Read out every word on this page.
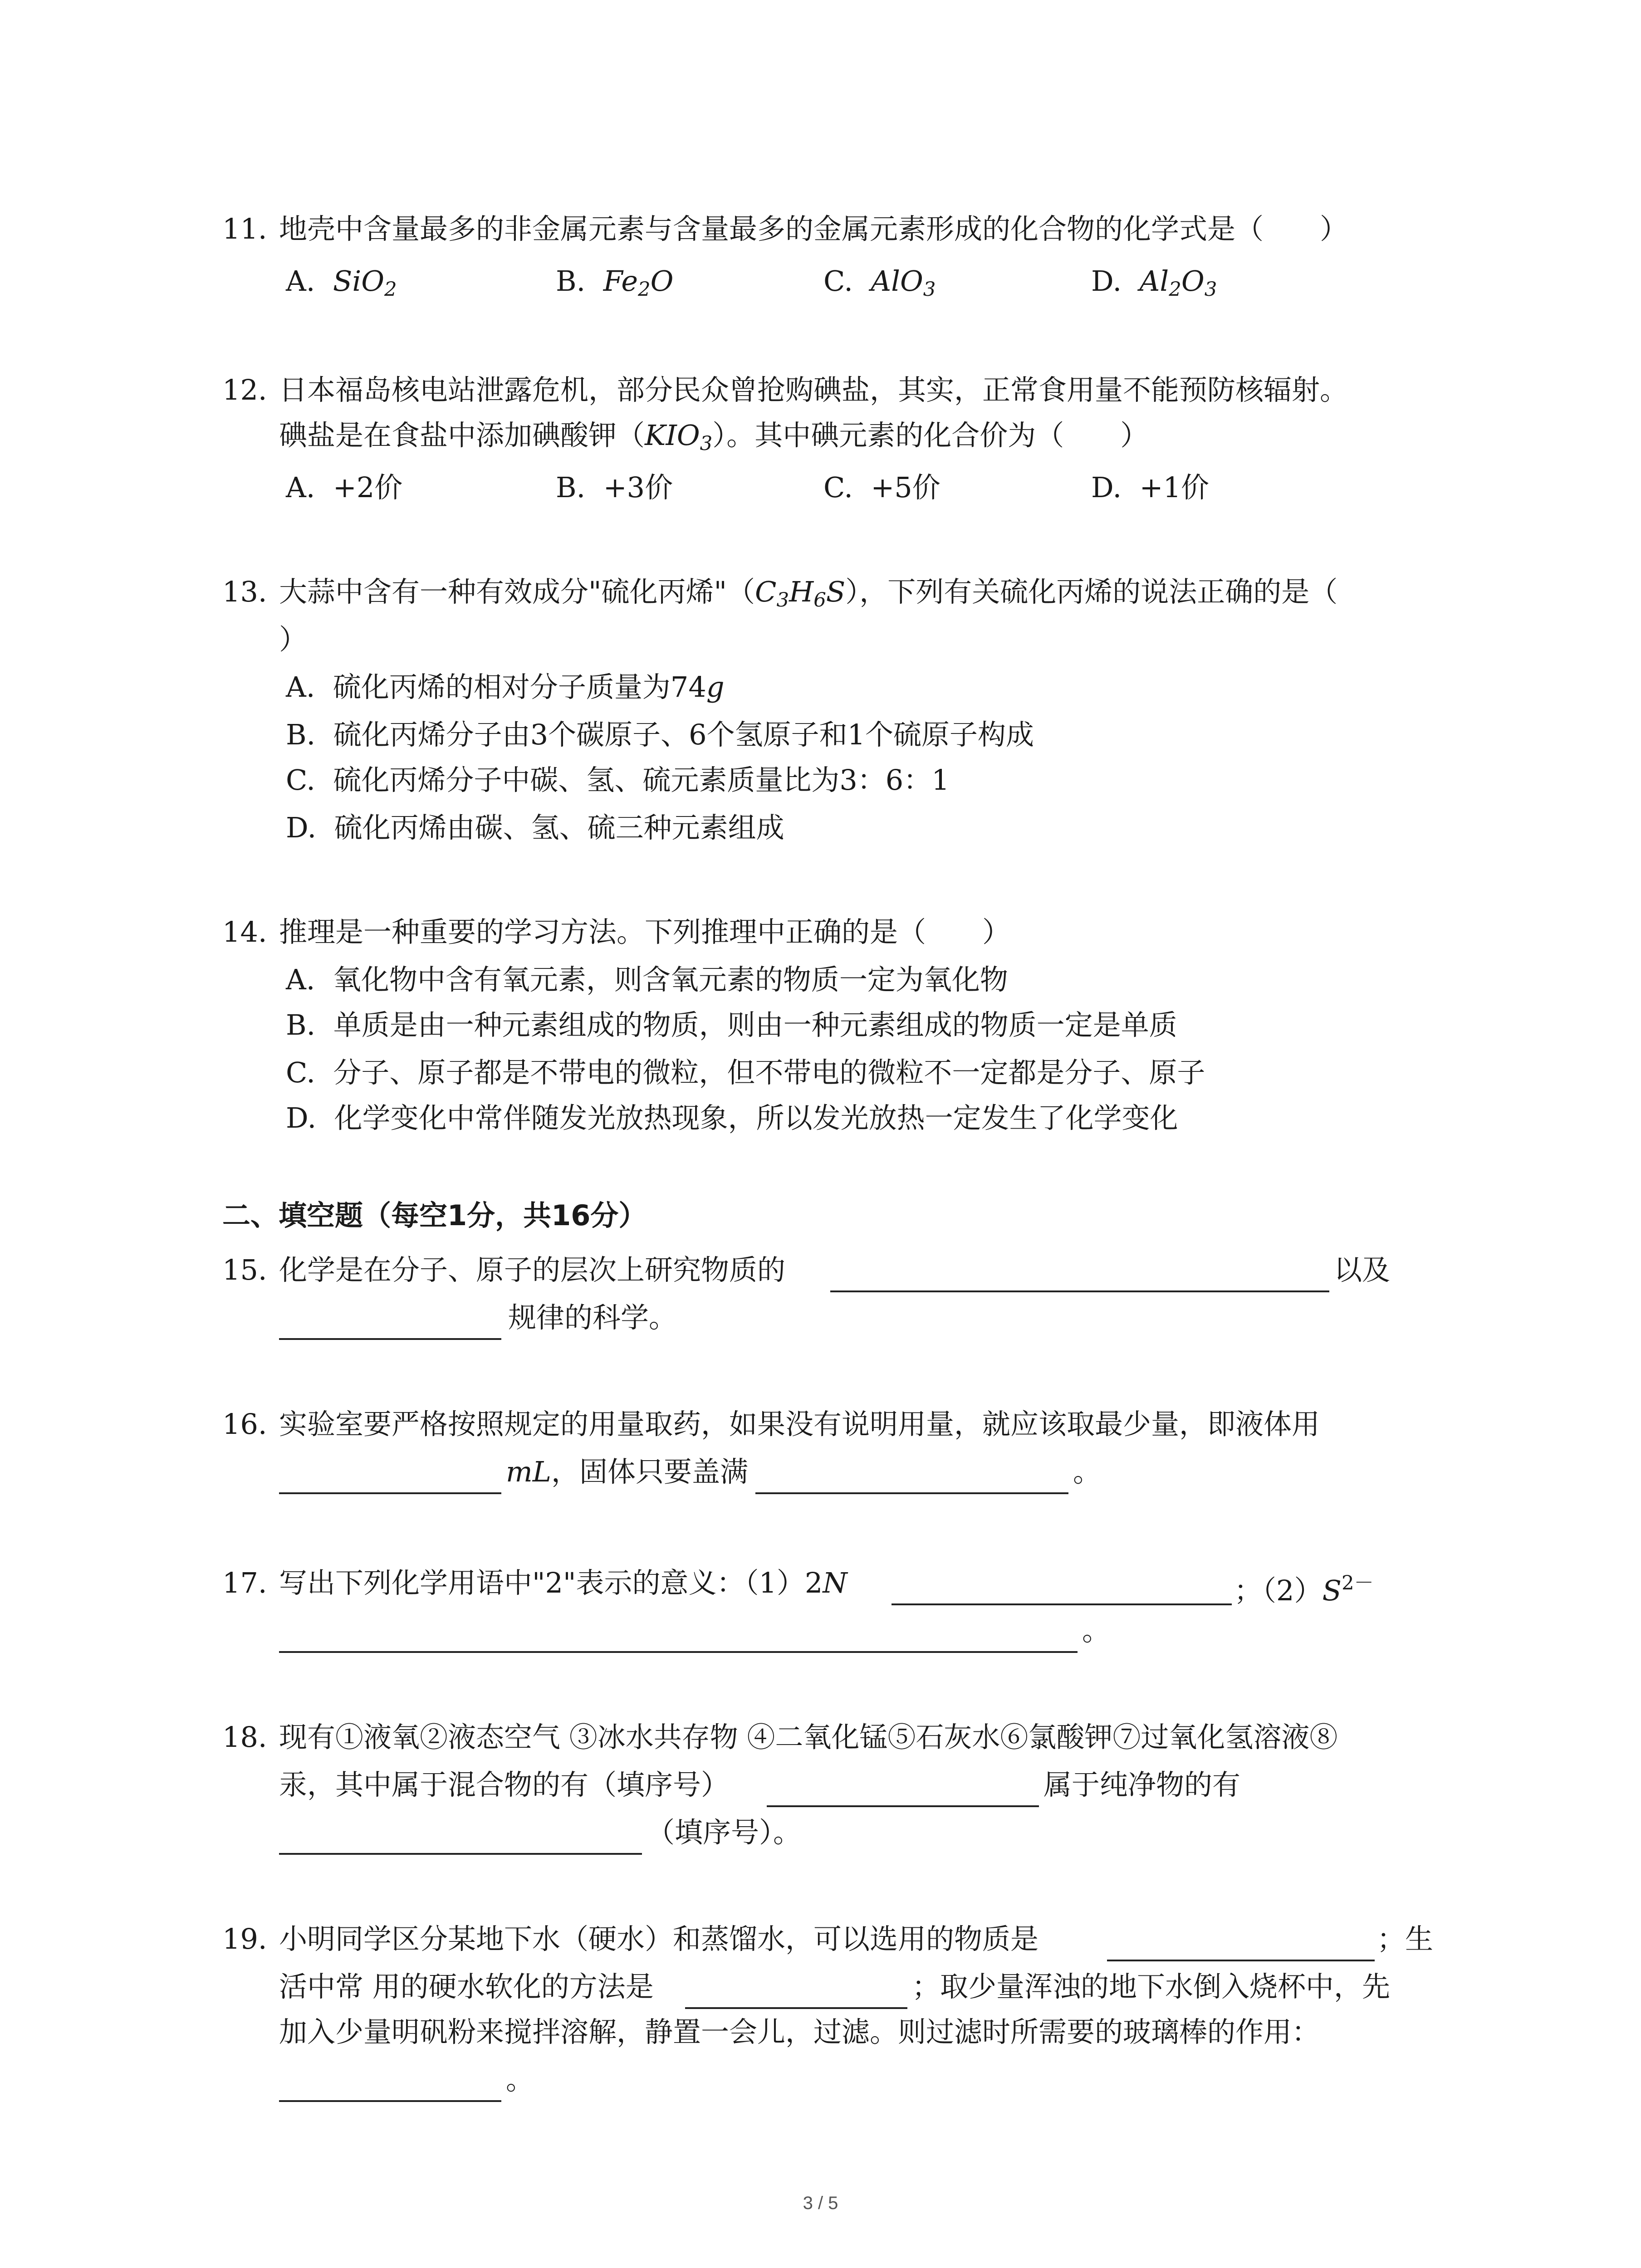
11. 地壳中含量最多的非金属元素与含量最多的金属元素形成的化合物的化学式是（　　）
A. SiO$_2$	B. $Fe_2O$	C. AlO$_3$	D. $Al_2O_3$
12. 日本福岛核电站泄露危机，部分民众曾抢购碘盐，其实，正常食用量不能预防核辐射。
碘盐是在食盐中添加碘酸钾$(KIO_3)$。其中碘元素的化合价为（　　）
A. +2价	B. +3价	C. +5价	D. +1价
13. 大蒜中含有一种有效成分"硫化丙烯"$(C_3H_6S)$，下列有关硫化丙烯的说法正确的是（
）
A. 硫化丙烯的相对分子质量为74g
B. 硫化丙烯分子由3个碳原子、6个氢原子和1个硫原子构成
C. 硫化丙烯分子中碳、氢、硫元素质量比为3：6：1
D. 硫化丙烯由碳、氢、硫三种元素组成
14. 推理是一种重要的学习方法。下列推理中正确的是（　　）
A. 氧化物中含有氧元素，则含氧元素的物质一定为氧化物
B. 单质是由一种元素组成的物质，则由一种元素组成的物质一定是单质
C. 分子、原子都是不带电的微粒，但不带电的微粒不一定都是分子、原子
D. 化学变化中常伴随发光放热现象，所以发光放热一定发生了化学变化
二、填空题（每空1分，共16分）
15. 化学是在分子、原子的层次上研究物质的	以及
规律的科学。
16. 实验室要严格按照规定的用量取药，如果没有说明用量，就应该取最少量，即液体用
mL，固体只要盖满	。
17. 写出下列化学用语中"2"表示的意义：（1）2N	；$(2)S^{2-}$
。
18. 现有①液氧②液态空气 ③冰水共存物 ④二氧化锰⑤石灰水⑥氯酸钾⑦过氧化氢溶液⑧
汞，其中属于混合物的有（填序号）	属于纯净物的有
（填序号）。
19. 小明同学区分某地下水（硬水）和蒸馏水，可以选用的物质是	；生
活中常 用的硬水软化的方法是	；取少量浑浊的地下水倒入烧杯中，先
加入少量明矾粉来搅拌溶解，静置一会儿，过滤。则过滤时所需要的玻璃棒的作用：
。
3 / 5
